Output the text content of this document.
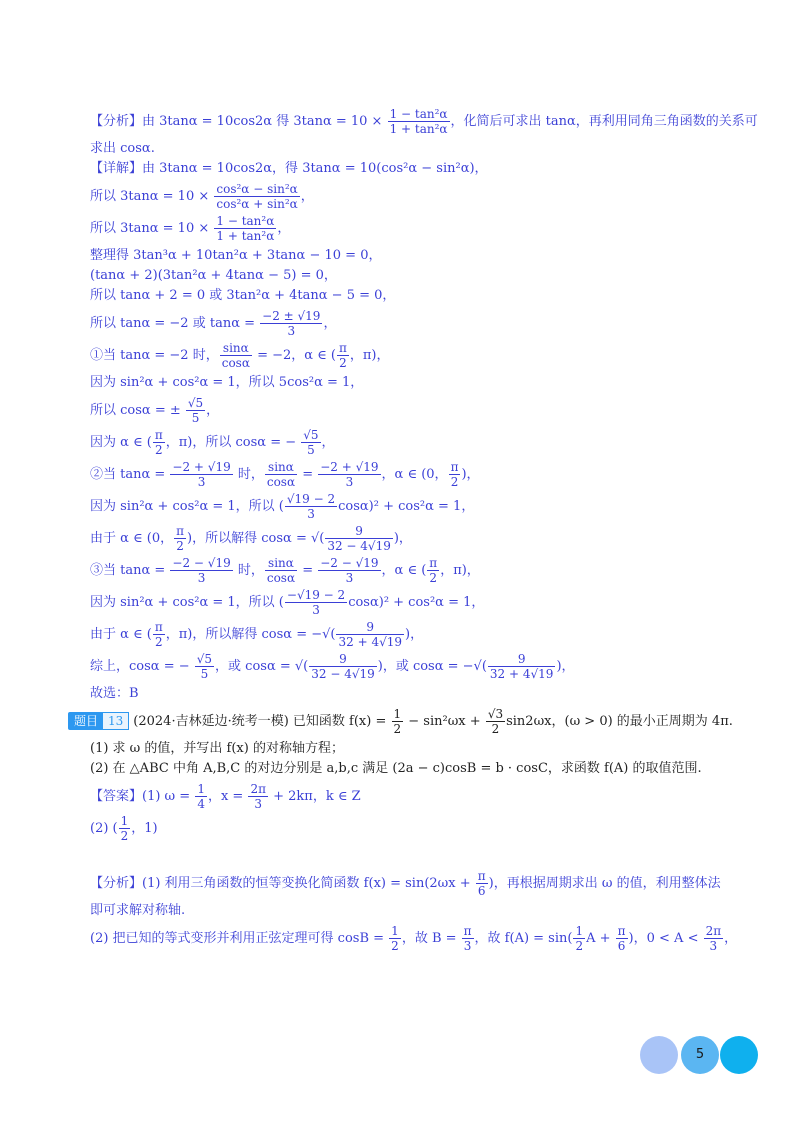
【分析】由 3tanα = 10cos2α 得 $3\tan\alpha = 10 \times \frac{\text{1 − tan²α}}{\text{1 + tan²α}}$ ，化简后可求出 tanα，再利用同角三角函数的关系可
求出 cosα.
【详解】由 3tanα = 10cos2α，得 3tanα = 10(cos²α − sin²α)，
所以 $3\tan\alpha = 10 \times \frac{\text{cos²α − sin²α}}{\text{cos²α + sin²α}}$ ，
所以 $3\tan\alpha = 10 \times \frac{\text{1 − tan²α}}{\text{1 + tan²α}}$ ，
整理得 3tan³α + 10tan²α + 3tanα − 10 = 0，
(tanα + 2)(3tan²α + 4tanα − 5) = 0，
所以 tanα + 2 = 0 或 3tan²α + 4tanα − 5 = 0，
所以 tanα = −2 或 $\tan\alpha = \frac{-2 \pm √19}{3}$ ，
①当 tanα = −2 时， $\frac{\sin\alpha}{\cos\alpha} = -2$，α ∈ ( $\frac{\pi}{2}$ ，π)，
因为 sin²α + cos²α = 1，所以 5cos²α = 1，
所以 cosα = ± $\frac{√5}{5}$ ，
因为 α ∈ ( $\frac{\pi}{2}$ ，π)，所以 cosα = − $\frac{√5}{5}$ ，
②当 $\tan\alpha = \frac{-2 + √19}{3}$ 时， $\frac{\sin\alpha}{\cos\alpha} = \frac{-2 + √19}{3}$ ，α ∈ (0， $\frac{\pi}{2}$ )，
因为 sin²α + cos²α = 1，所以 ( $\frac{√19 - 2}{3} \cos\alpha)^2 + \cos^2\alpha = 1$，
由于 α ∈ (0， $\frac{\pi}{2}$ )，所以解得 cosα = √( $\frac{9}{32 - 4√19}$ )，
③当 $\tan\alpha = \frac{-2 - √19}{3}$ 时， $\frac{\sin\alpha}{\cos\alpha} = \frac{-2 - √19}{3}$ ，α ∈ ( $\frac{\pi}{2}$ ，π)，
因为 sin²α + cos²α = 1，所以 ( $\frac{-√19 - 2}{3} \cos\alpha)^2 + \cos^2\alpha = 1$，
由于 α ∈ ( $\frac{\pi}{2}$ ，π)，所以解得 cosα = −√( $\frac{9}{32 + 4√19}$ )，
综上，cosα = − $\frac{√5}{5}$ ，或 cosα = √( $\frac{9}{32 - 4√19}$ )，或 cosα = −√( $\frac{9}{32 + 4√19}$ )，
故选：B
题目 13 (2024·吉林延边·统考一模) 已知函数 $f(x) = \frac{1}{2} - \sin^2\omega x + \frac{√3}{2} \sin 2\omega x$，(ω > 0) 的最小正周期为 4π.
(1) 求 ω 的值，并写出 f(x) 的对称轴方程；
(2) 在 △ABC 中角 A,B,C 的对边分别是 a,b,c 满足 (2a − c)cosB = b · cosC，求函数 f(A) 的取值范围.
【答案】(1) $\omega = \frac{1}{4}$ ，$x = \frac{2\pi}{3} + 2k\pi$，k ∈ Z
(2) ( $\frac{1}{2}$ ，1)
【分析】(1) 利用三角函数的恒等变换化简函数 $f(x) = \sin(2\omega x + \frac{\pi}{6}$ )，再根据周期求出 ω 的值，利用整体法
即可求解对称轴.
(2) 把已知的等式变形并利用正弦定理可得 $\cos B = \frac{1}{2}$ ，故 $B = \frac{\pi}{3}$ ，故 $f(A) = \sin( \frac{1}{2}$ $A + \frac{\pi}{6}$ )，$0 < A < \frac{2\pi}{3}$ ，
5
